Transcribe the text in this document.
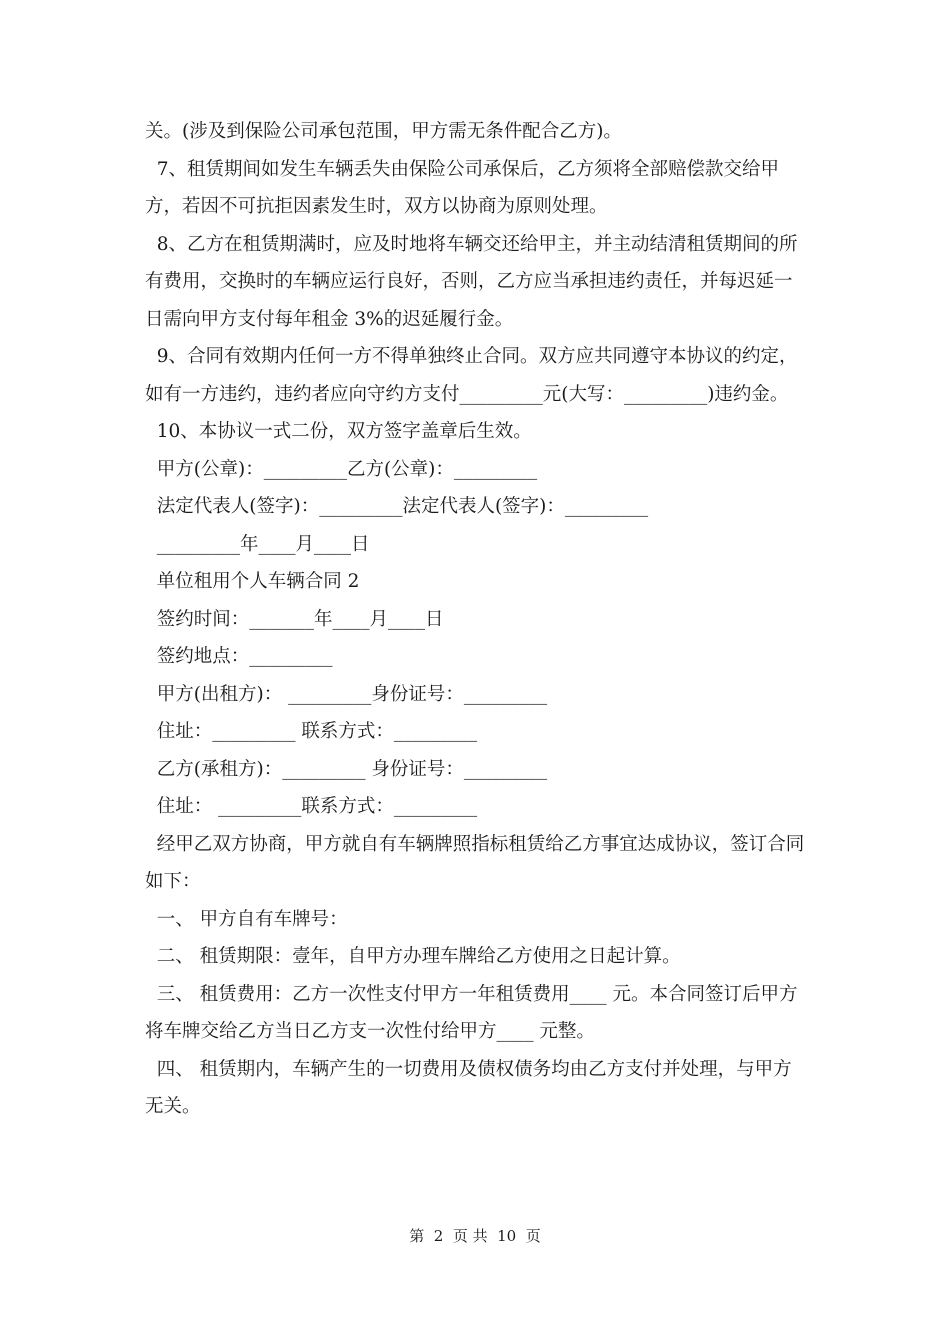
关。(涉及到保险公司承包范围，甲方需无条件配合乙方)。

7、租赁期间如发生车辆丢失由保险公司承保后，乙方须将全部赔偿款交给甲方，若因不可抗拒因素发生时，双方以协商为原则处理。

8、乙方在租赁期满时，应及时地将车辆交还给甲主，并主动结清租赁期间的所有费用，交换时的车辆应运行良好，否则，乙方应当承担违约责任，并每迟延一日需向甲方支付每年租金 3%的迟延履行金。

9、合同有效期内任何一方不得单独终止合同。双方应共同遵守本协议的约定，如有一方违约，违约者应向守约方支付_________元(大写：_________)违约金。

10、本协议一式二份，双方签字盖章后生效。

甲方(公章)：_________乙方(公章)：_________

法定代表人(签字)：_________法定代表人(签字)：_________

_________年____月____日

单位租用个人车辆合同 2

签约时间：_______年____月____日

签约地点：_________

甲方(出租方)： _________身份证号：_________

住址：_________ 联系方式：_________

乙方(承租方)：_________ 身份证号：_________

住址： _________联系方式：_________

经甲乙双方协商，甲方就自有车辆牌照指标租赁给乙方事宜达成协议，签订合同如下：

一、 甲方自有车牌号：

二、 租赁期限：壹年，自甲方办理车牌给乙方使用之日起计算。

三、 租赁费用：乙方一次性支付甲方一年租赁费用____ 元。本合同签订后甲方将车牌交给乙方当日乙方支一次性付给甲方____ 元整。

四、 租赁期内，车辆产生的一切费用及债权债务均由乙方支付并处理，与甲方无关。

第  2  页 共  10  页
